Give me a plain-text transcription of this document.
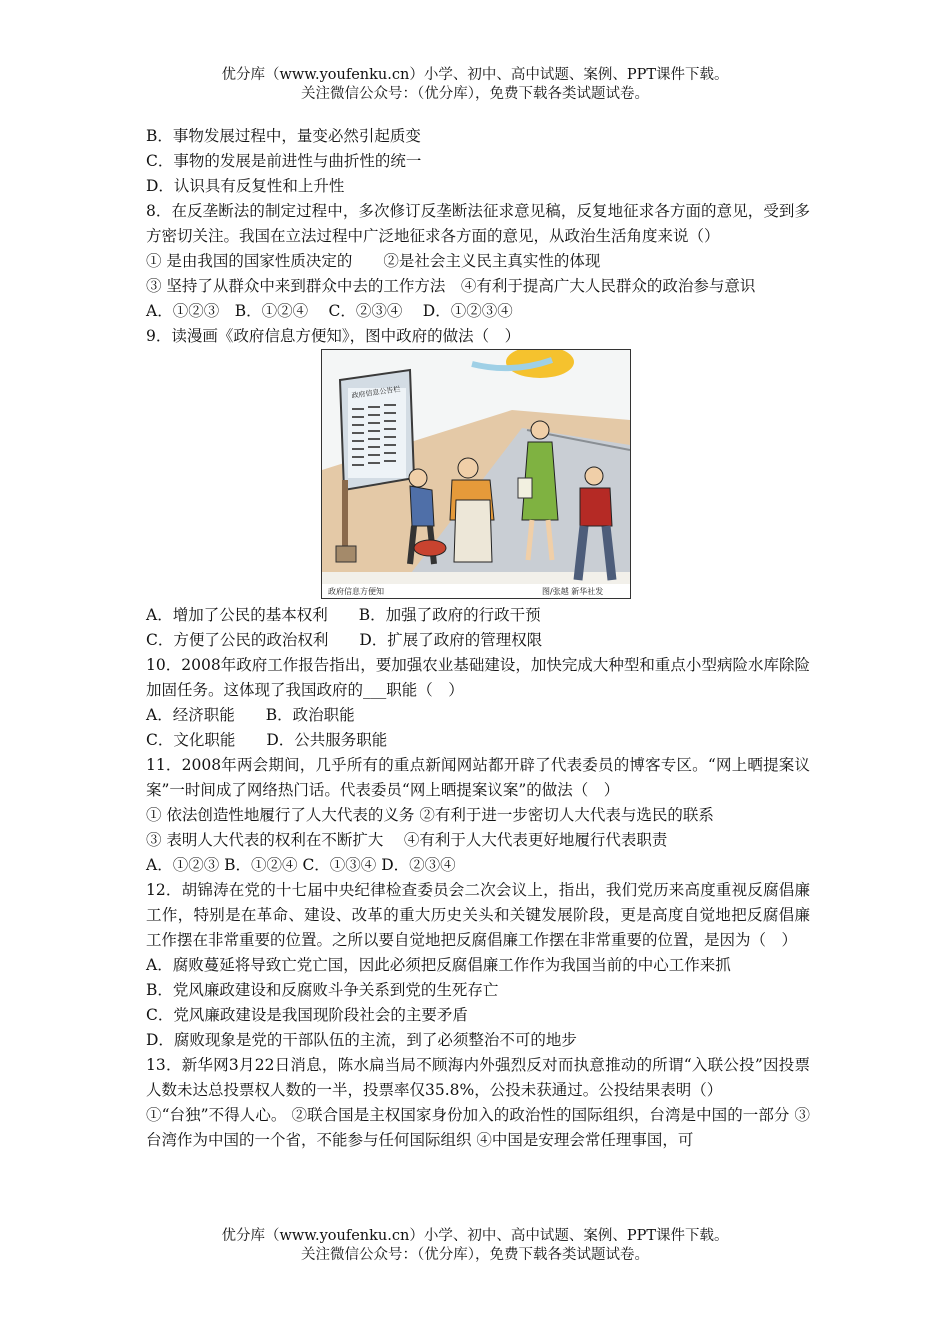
优分库（www.youfenku.cn）小学、初中、高中试题、案例、PPT课件下载。
关注微信公众号：（优分库），免费下载各类试题试卷。
B．事物发展过程中，量变必然引起质变
C．事物的发展是前进性与曲折性的统一
D．认识具有反复性和上升性
8．在反垄断法的制定过程中，多次修订反垄断法征求意见稿，反复地征求各方面的意见，受到多方密切关注。我国在立法过程中广泛地征求各方面的意见，从政治生活角度来说（）
① 是由我国的国家性质决定的　　②是社会主义民主真实性的体现
③ 坚持了从群众中来到群众中去的工作方法　④有利于提高广大人民群众的政治参与意识
A．①②③　B．①②④　 C．②③④　 D．①②③④
9．读漫画《政府信息方便知》，图中政府的做法（　）
政府信息公告栏
政府信息方便知	图/张越 新华社发
A．增加了公民的基本权利　　B．加强了政府的行政干预
C．方便了公民的政治权利　　D．扩展了政府的管理权限
10．2008年政府工作报告指出，要加强农业基础建设，加快完成大种型和重点小型病险水库除险加固任务。这体现了我国政府的___职能（　）
A．经济职能　　B．政治职能
C．文化职能　　D．公共服务职能
11．2008年两会期间，几乎所有的重点新闻网站都开辟了代表委员的博客专区。“网上晒提案议案”一时间成了网络热门话。代表委员“网上晒提案议案”的做法（　）
① 依法创造性地履行了人大代表的义务 ②有利于进一步密切人大代表与选民的联系
③ 表明人大代表的权利在不断扩大　 ④有利于人大代表更好地履行代表职责
A．①②③ B．①②④ C．①③④ D．②③④
12．胡锦涛在党的十七届中央纪律检查委员会二次会议上，指出，我们党历来高度重视反腐倡廉工作，特别是在革命、建设、改革的重大历史关头和关键发展阶段，更是高度自觉地把反腐倡廉工作摆在非常重要的位置。之所以要自觉地把反腐倡廉工作摆在非常重要的位置，是因为（　）
A．腐败蔓延将导致亡党亡国，因此必须把反腐倡廉工作作为我国当前的中心工作来抓
B．党风廉政建设和反腐败斗争关系到党的生死存亡
C．党风廉政建设是我国现阶段社会的主要矛盾
D．腐败现象是党的干部队伍的主流，到了必须整治不可的地步
13．新华网3月22日消息，陈水扁当局不顾海内外强烈反对而执意推动的所谓“入联公投”因投票人数未达总投票权人数的一半，投票率仅35.8%，公投未获通过。公投结果表明（）
①“台独”不得人心。 ②联合国是主权国家身份加入的政治性的国际组织，台湾是中国的一部分 ③台湾作为中国的一个省，不能参与任何国际组织 ④中国是安理会常任理事国，可
优分库（www.youfenku.cn）小学、初中、高中试题、案例、PPT课件下载。
关注微信公众号：（优分库），免费下载各类试题试卷。
